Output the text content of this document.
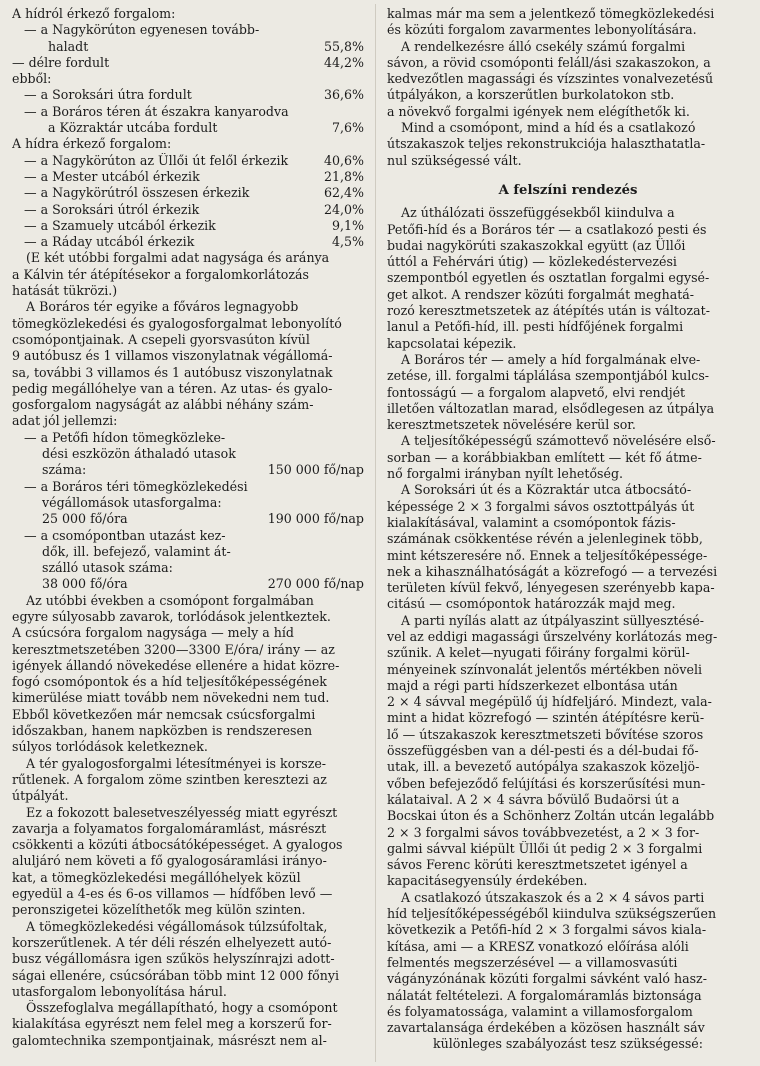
A hídról érkező forgalom:
— a Nagykörúton egyenesen tovább-
haladt	55,8%
— délre fordult	44,2%
ebből:
— a Soroksári útra fordult	36,6%
— a Boráros téren át északra kanyarodva
a Közraktár utcába fordult	7,6%
A hídra érkező forgalom:
— a Nagykörúton az Üllői út felől érkezik	40,6%
— a Mester utcából érkezik	21,8%
— a Nagykörútról összesen érkezik	62,4%
— a Soroksári útról érkezik	24,0%
— a Szamuely utcából érkezik	9,1%
— a Ráday utcából érkezik	4,5%
(E két utóbbi forgalmi adat nagysága és aránya
a Kálvin tér átépítésekor a forgalomkorlátozás
hatását tükrözi.)
A Boráros tér egyike a főváros legnagyobb
tömegközlekedési és gyalogosforgalmat lebonyolító
csomópontjainak. A csepeli gyorsvasúton kívül
9 autóbusz és 1 villamos viszonylatnak végállomá-
sa, további 3 villamos és 1 autóbusz viszonylatnak
pedig megállóhelye van a téren. Az utas- és gyalo-
gosforgalom nagyságát az alábbi néhány szám-
adat jól jellemzi:
— a Petőfi hídon tömegközleke-
dési eszközön áthaladó utasok
száma:	150 000 fő/nap
— a Boráros téri tömegközlekedési
végállomások utasforgalma:
25 000 fő/óra	190 000 fő/nap
— a csomópontban utazást kez-
dők, ill. befejező, valamint át-
szálló utasok száma:
38 000 fő/óra	270 000 fő/nap
Az utóbbi években a csomópont forgalmában
egyre súlyosabb zavarok, torlódások jelentkeztek.
A csúcsóra forgalom nagysága — mely a híd
keresztmetszetében 3200—3300 E/óra/ irány — az
igények állandó növekedése ellenére a hidat közre-
fogó csomópontok és a híd teljesítőképességének
kimerülése miatt tovább nem növekedni nem tud.
Ebből következően már nemcsak csúcsforgalmi
időszakban, hanem napközben is rendszeresen
súlyos torlódások keletkeznek.
A tér gyalogosforgalmi létesítményei is korsze-
rűtlenek. A forgalom zöme szintben keresztezi az
útpályát.
Ez a fokozott balesetveszélyesség miatt egyrészt
zavarja a folyamatos forgalomáramlást, másrészt
csökkenti a közúti átbocsátóképességet. A gyalogos
aluljáró nem követi a fő gyalogosáramlási irányo-
kat, a tömegközlekedési megállóhelyek közül
egyedül a 4-es és 6-os villamos — hídfőben levő —
peronszigetei közelíthetők meg külön szinten.
A tömegközlekedési végállomások túlzsúfoltak,
korszerűtlenek. A tér déli részén elhelyezett autó-
busz végállomásra igen szűkös helyszínrajzi adott-
ságai ellenére, csúcsórában több mint 12 000 főnyi
utasforgalom lebonyolítása hárul.
Összefoglalva megállapítható, hogy a csomópont
kialakítása egyrészt nem felel meg a korszerű for-
galomtechnika szempontjainak, másrészt nem al-
kalmas már ma sem a jelentkező tömegközlekedési
és közúti forgalom zavarmentes lebonyolítására.
A rendelkezésre álló csekély számú forgalmi
sávon, a rövid csomóponti feláll/ási szakaszokon, a
kedvezőtlen magassági és vízszintes vonalvezetésű
útpályákon, a korszerűtlen burkolatokon stb.
a növekvő forgalmi igények nem elégíthetők ki.
Mind a csomópont, mind a híd és a csatlakozó
útszakaszok teljes rekonstrukciója halaszthatatla-
nul szükségessé vált.
A felszíni rendezés
Az úthálózati összefüggésekből kiindulva a
Petőfi-híd és a Boráros tér — a csatlakozó pesti és
budai nagykörúti szakaszokkal együtt (az Üllői
úttól a Fehérvári útig) — közlekedéstervezési
szempontból egyetlen és osztatlan forgalmi egysé-
get alkot. A rendszer közúti forgalmát meghatá-
rozó keresztmetszetek az átépítés után is változat-
lanul a Petőfi-híd, ill. pesti hídfőjének forgalmi
kapcsolatai képezik.
A Boráros tér — amely a híd forgalmának elve-
zetése, ill. forgalmi táplálása szempontjából kulcs-
fontosságú — a forgalom alapvető, elvi rendjét
illetően változatlan marad, elsődlegesen az útpálya
keresztmetszetek növelésére kerül sor.
A teljesítőképességű számottevő növelésére első-
sorban — a korábbiakban említett — két fő átme-
nő forgalmi irányban nyílt lehetőség.
A Soroksári út és a Közraktár utca átbocsátó-
képessége 2 × 3 forgalmi sávos osztottpályás út
kialakításával, valamint a csomópontok fázis-
számának csökkentése révén a jelenleginek több,
mint kétszeresére nő. Ennek a teljesítőképessége-
nek a kihasználhatóságát a közrefogó — a tervezési
területen kívül fekvő, lényegesen szerényebb kapa-
citású — csomópontok határozzák majd meg.
A parti nyílás alatt az útpályaszint süllyesztésé-
vel az eddigi magassági űrszelvény korlátozás meg-
szűnik. A kelet—nyugati főirány forgalmi körül-
ményeinek színvonalát jelentős mértékben növeli
majd a régi parti hídszerkezet elbontása után
2 × 4 sávval megépülő új hídfeljáró. Mindezt, vala-
mint a hidat közrefogó — szintén átépítésre kerü-
lő — útszakaszok keresztmetszeti bővítése szoros
összefüggésben van a dél-pesti és a dél-budai fő-
utak, ill. a bevezető autópálya szakaszok közeljö-
vőben befejeződő felújítási és korszerűsítési mun-
kálataival. A 2 × 4 sávra bővülő Budaörsi út a
Bocskai úton és a Schönherz Zoltán utcán legalább
2 × 3 forgalmi sávos továbbvezetést, a 2 × 3 for-
galmi sávval kiépült Üllői út pedig 2 × 3 forgalmi
sávos Ferenc körúti keresztmetszetet igényel a
kapacitásegyensúly érdekében.
A csatlakozó útszakaszok és a 2 × 4 sávos parti
híd teljesítőképességéből kiindulva szükségszerűen
következik a Petőfi-híd 2 × 3 forgalmi sávos kiala-
kítása, ami — a KRESZ vonatkozó előírása alóli
felmentés megszerzésével — a villamosvasúti
vágányzónának közúti forgalmi sávként való hasz-
nálatát feltételezi. A forgalomáramlás biztonsága
és folyamatossága, valamint a villamosforgalom
zavartalansága érdekében a közösen használt sáv
különleges szabályozást tesz szükségessé:
